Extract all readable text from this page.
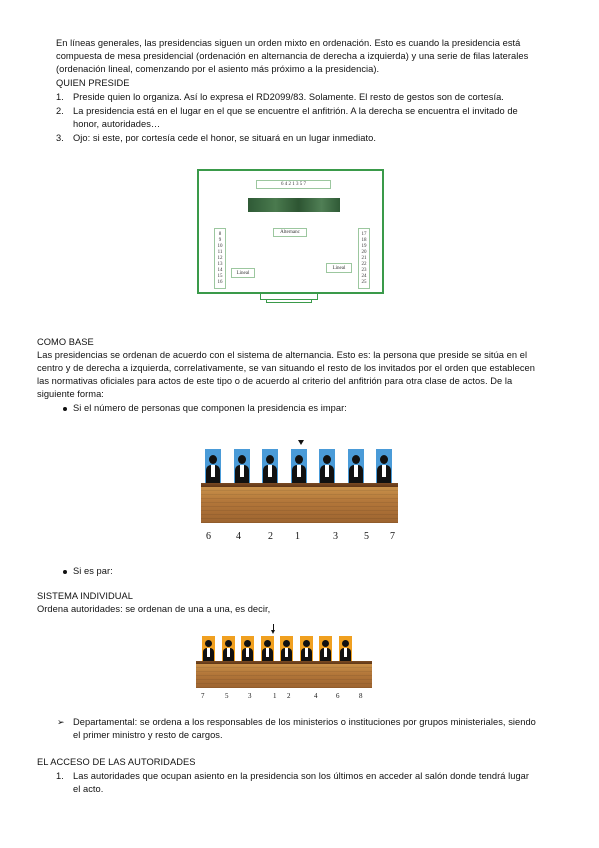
En líneas generales, las presidencias siguen un orden mixto en ordenación. Esto es cuando la presidencia está
compuesta de mesa presidencial (ordenación en alternancia de derecha a izquierda) y una serie de filas laterales
(ordenación lineal, comenzando por el asiento más próximo a la presidencia).
QUIEN PRESIDE
1. Preside quien lo organiza. Así lo expresa el RD2099/83. Solamente. El resto de gestos son de cortesía.
2. La presidencia está en el lugar en el que se encuentre el anfitrión. A la derecha se encuentra el invitado de
honor, autoridades…
3. Ojo: si este, por cortesía cede el honor, se situará en un lugar inmediato.
6 4 2 1 3 5 7
Alternanc
8
9
10
11
12
13
14
15
16
17
18
19
20
21
22
23
24
25
Lineal
Lineal
COMO BASE
Las presidencias se ordenan de acuerdo con el sistema de alternancia. Esto es: la persona que preside se sitúa en el
centro y de derecha a izquierda, correlativamente, se van situando el resto de los invitados por el orden que establecen
las normativas oficiales para actos de este tipo o de acuerdo al criterio del anfitrión para otra clase de actos. De la
siguiente forma:
Si el número de personas que componen la presidencia es impar:
6	4	2 1	3	5 7
Si es par:
SISTEMA INDIVIDUAL
Ordena autoridades: se ordenan de una a una, es decir,
7	5	3	1 2	4	6	8
➢ Departamental: se ordena a los responsables de los ministerios o instituciones por grupos ministeriales, siendo
el primer ministro y resto de cargos.
EL ACCESO DE LAS AUTORIDADES
1. Las autoridades que ocupan asiento en la presidencia son los últimos en acceder al salón donde tendrá lugar
el acto.
